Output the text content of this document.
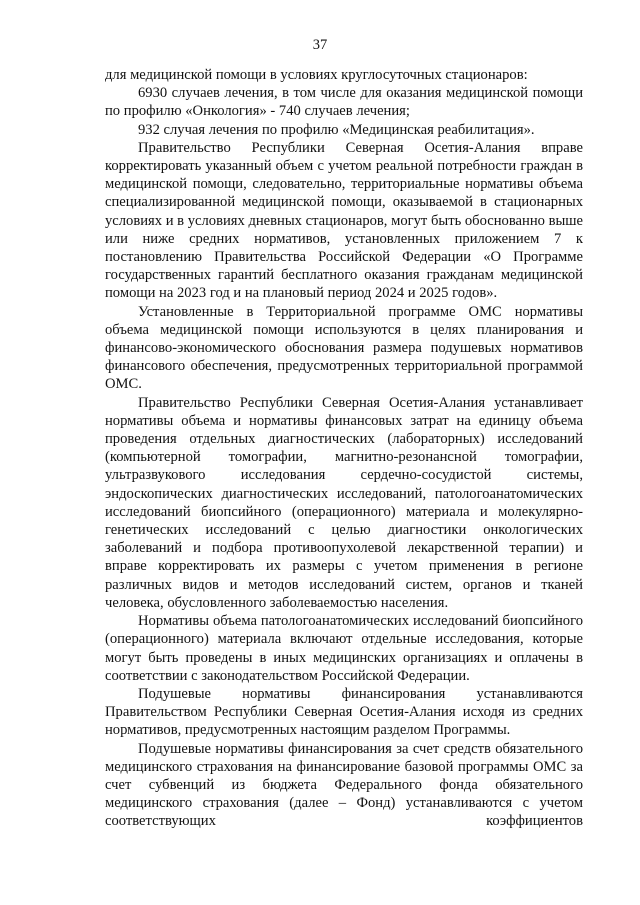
37

для медицинской помощи в условиях круглосуточных стационаров:

6930 случаев лечения, в том числе для оказания медицинской помощи по профилю «Онкология» - 740 случаев лечения;

932 случая лечения по профилю «Медицинская реабилитация».

Правительство Республики Северная Осетия-Алания вправе корректировать указанный объем с учетом реальной потребности граждан в медицинской помощи, следовательно, территориальные нормативы объема специализированной медицинской помощи, оказываемой в стационарных условиях и в условиях дневных стационаров, могут быть обоснованно выше или ниже средних нормативов, установленных приложением 7 к постановлению Правительства Российской Федерации «О Программе государственных гарантий бесплатного оказания гражданам медицинской помощи на 2023 год и на плановый период 2024 и 2025 годов».

Установленные в Территориальной программе ОМС нормативы объема медицинской помощи используются в целях планирования и финансово-экономического обоснования размера подушевых нормативов финансового обеспечения, предусмотренных территориальной программой ОМС.

Правительство Республики Северная Осетия-Алания устанавливает нормативы объема и нормативы финансовых затрат на единицу объема проведения отдельных диагностических (лабораторных) исследований (компьютерной томографии, магнитно-резонансной томографии, ультразвукового исследования сердечно-сосудистой системы, эндоскопических диагностических исследований, патологоанатомических исследований биопсийного (операционного) материала и молекулярно-генетических исследований с целью диагностики онкологических заболеваний и подбора противоопухолевой лекарственной терапии) и вправе корректировать их размеры с учетом применения в регионе различных видов и методов исследований систем, органов и тканей человека, обусловленного заболеваемостью населения.

Нормативы объема патологоанатомических исследований биопсийного (операционного) материала включают отдельные исследования, которые могут быть проведены в иных медицинских организациях и оплачены в соответствии с законодательством Российской Федерации.

Подушевые нормативы финансирования устанавливаются Правительством Республики Северная Осетия-Алания исходя из средних нормативов, предусмотренных настоящим разделом Программы.

Подушевые нормативы финансирования за счет средств обязательного медицинского страхования на финансирование базовой программы ОМС за счет субвенций из бюджета Федерального фонда обязательного медицинского страхования (далее – Фонд) устанавливаются с учетом соответствующих коэффициентов
